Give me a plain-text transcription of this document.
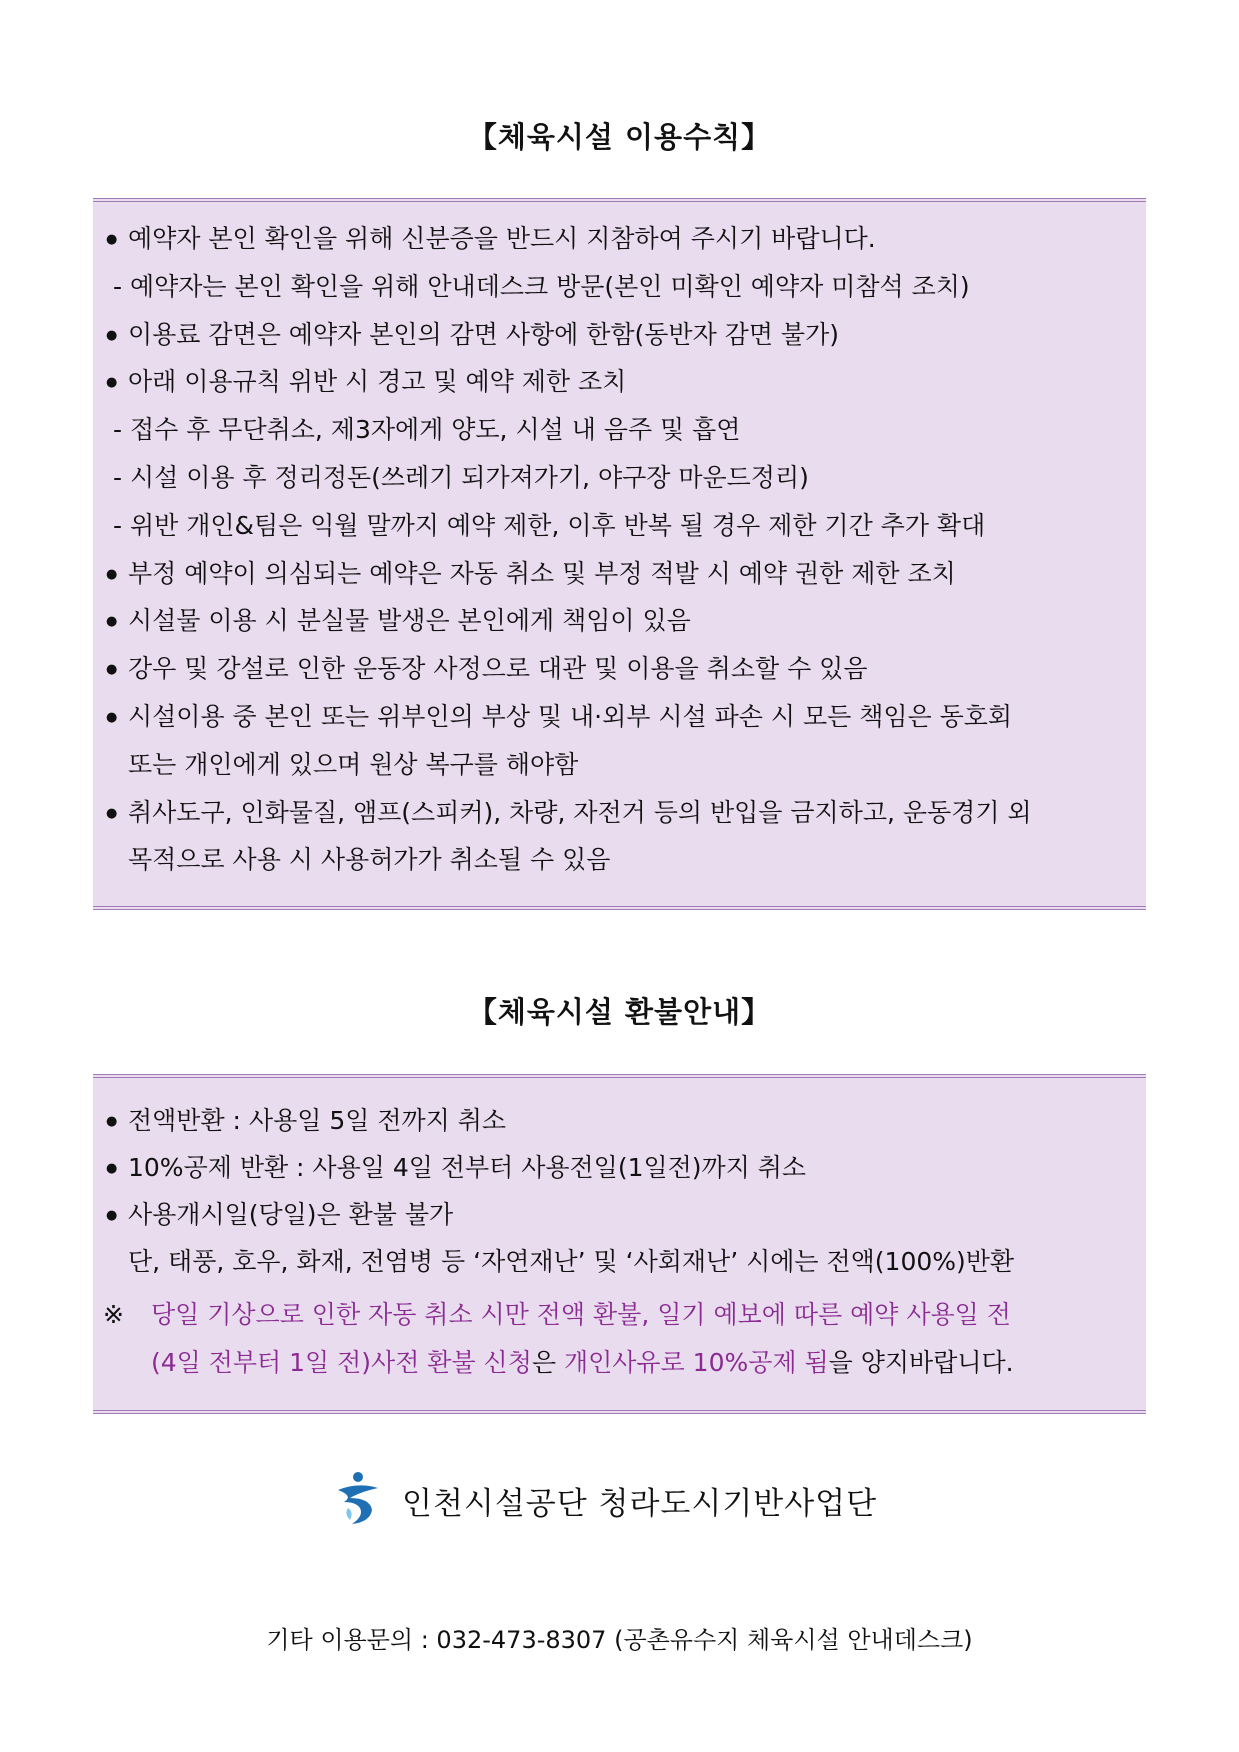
【체육시설 이용수칙】
예약자 본인 확인을 위해 신분증을 반드시 지참하여 주시기 바랍니다.
- 예약자는 본인 확인을 위해 안내데스크 방문(본인 미확인 예약자 미참석 조치)
이용료 감면은 예약자 본인의 감면 사항에 한함(동반자 감면 불가)
아래 이용규칙 위반 시 경고 및 예약 제한 조치
- 접수 후 무단취소, 제3자에게 양도, 시설 내 음주 및 흡연
- 시설 이용 후 정리정돈(쓰레기 되가져가기, 야구장 마운드정리)
- 위반 개인&팀은 익월 말까지 예약 제한, 이후 반복 될 경우 제한 기간 추가 확대
부정 예약이 의심되는 예약은 자동 취소 및 부정 적발 시 예약 권한 제한 조치
시설물 이용 시 분실물 발생은 본인에게 책임이 있음
강우 및 강설로 인한 운동장 사정으로 대관 및 이용을 취소할 수 있음
시설이용 중 본인 또는 위부인의 부상 및 내·외부 시설 파손 시 모든 책임은 동호회
또는 개인에게 있으며 원상 복구를 해야함
취사도구, 인화물질, 앰프(스피커), 차량, 자전거 등의 반입을 금지하고, 운동경기 외
목적으로 사용 시 사용허가가 취소될 수 있음
【체육시설 환불안내】
전액반환 : 사용일 5일 전까지 취소
10%공제 반환 : 사용일 4일 전부터 사용전일(1일전)까지 취소
사용개시일(당일)은 환불 불가
단, 태풍, 호우, 화재, 전염병 등 ‘자연재난’ 및 ‘사회재난’ 시에는 전액(100%)반환
※ 당일 기상으로 인한 자동 취소 시만 전액 환불, 일기 예보에 따른 예약 사용일 전
(4일 전부터 1일 전)사전 환불 신청은 개인사유로 10%공제 됨을 양지바랍니다.
인천시설공단 청라도시기반사업단
기타 이용문의 : 032-473-8307 (공촌유수지 체육시설 안내데스크)
